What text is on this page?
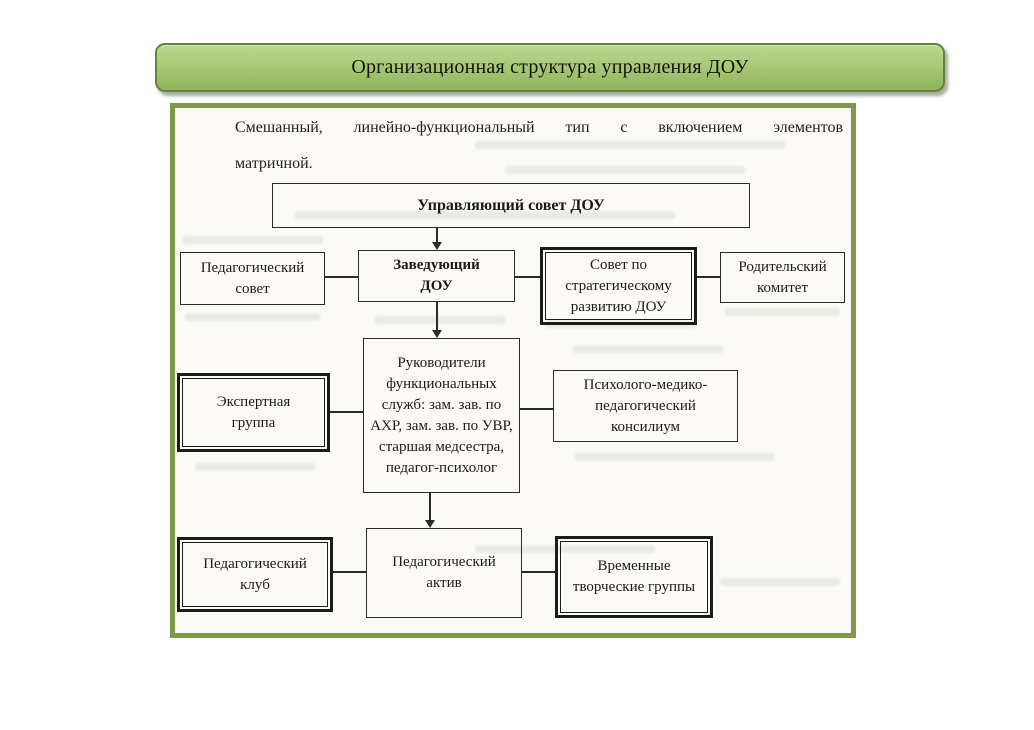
Организационная структура управления ДОУ
Смешанный, линейно-функциональный тип с включением элементов
матричной.
Управляющий совет ДОУ
Педагогический совет
Заведующий ДОУ
Совет по стратегическому развитию ДОУ
Родительский комитет
Руководители функциональных служб: зам. зав. по АХР, зам. зав. по УВР, старшая медсестра, педагог-психолог
Экспертная группа
Психолого-медико-педагогический консилиум
Педагогический клуб
Педагогический актив
Временные творческие группы
